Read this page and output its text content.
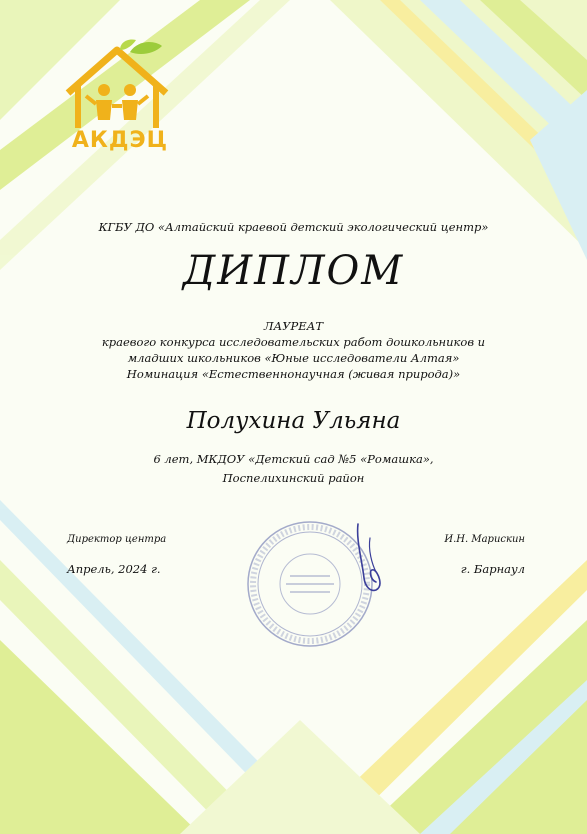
АКДЭЦ
КГБУ ДО «Алтайский краевой детский экологический центр»
ДИПЛОМ
ЛАУРЕАТ
краевого конкурса исследовательских работ дошкольников и
младших школьников «Юные исследователи Алтая»
Номинация «Естественнонаучная (живая природа)»
Полухина Ульяна
6 лет, МКДОУ «Детский сад №5 «Ромашка»,
Поспелихинский район
Директор центра	И.Н. Марискин
Апрель, 2024 г.	г. Барнаул
